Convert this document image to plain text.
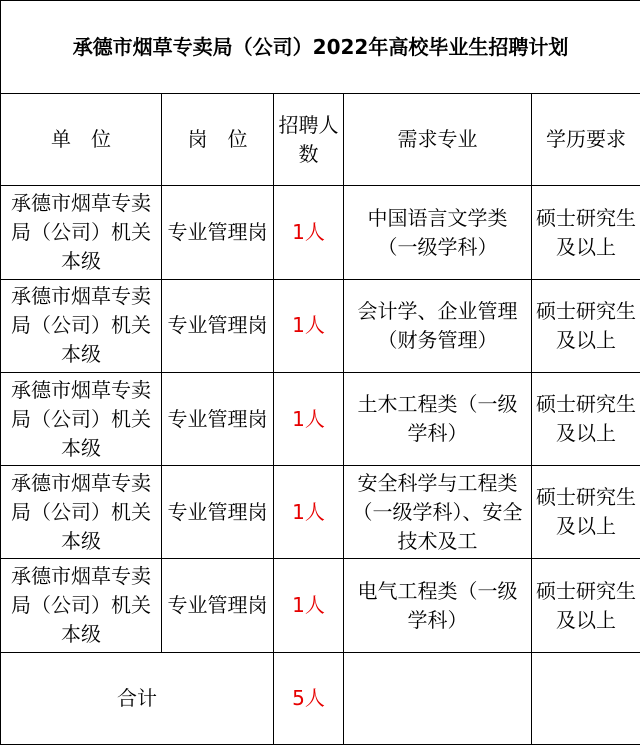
承德市烟草专卖局（公司）2022年高校毕业生招聘计划				
单　位	岗　位	招聘人数	需求专业	学历要求
承德市烟草专卖局（公司）机关本级	专业管理岗	1人	中国语言文学类（一级学科）	硕士研究生及以上
承德市烟草专卖局（公司）机关本级	专业管理岗	1人	会计学、企业管理（财务管理）	硕士研究生及以上
承德市烟草专卖局（公司）机关本级	专业管理岗	1人	土木工程类（一级学科）	硕士研究生及以上
承德市烟草专卖局（公司）机关本级	专业管理岗	1人	安全科学与工程类（一级学科）、安全技术及工	硕士研究生及以上
承德市烟草专卖局（公司）机关本级	专业管理岗	1人	电气工程类（一级学科）	硕士研究生及以上
合计		5人		
